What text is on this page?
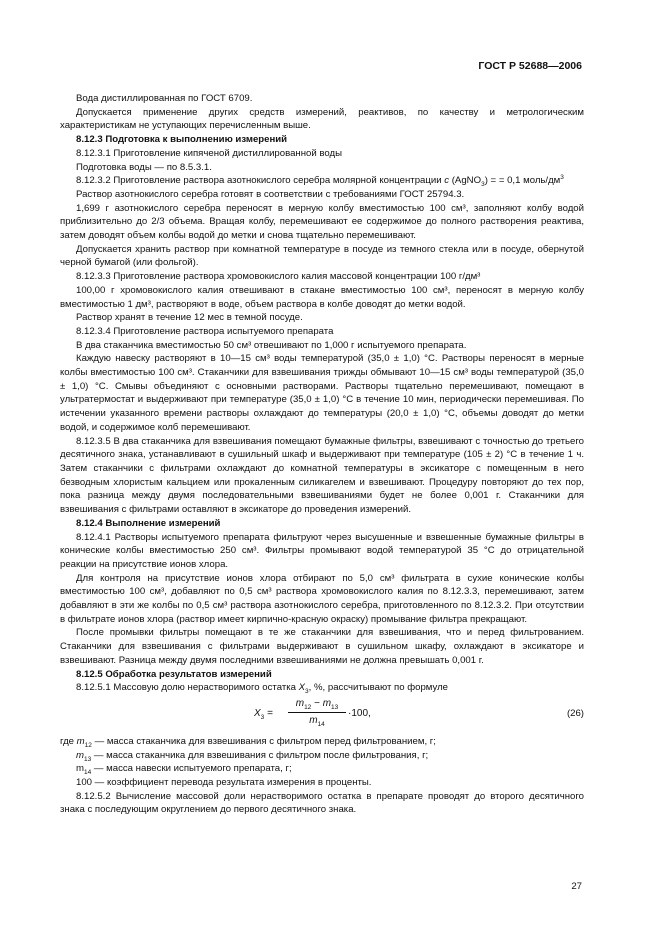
ГОСТ Р 52688—2006

Вода дистиллированная по ГОСТ 6709.

Допускается применение других средств измерений, реактивов, по качеству и метрологическим характеристикам не уступающих перечисленным выше.

8.12.3 Подготовка к выполнению измерений

8.12.3.1 Приготовление кипяченой дистиллированной воды

Подготовка воды — по 8.5.3.1.

8.12.3.2 Приготовление раствора азотнокислого серебра молярной концентрации c (AgNO$_3$) = = 0,1 моль/$дм^3$

Раствор азотнокислого серебра готовят в соответствии с требованиями ГОСТ 25794.3.

1,699 г азотнокислого серебра переносят в мерную колбу вместимостью 100 см³, заполняют колбу водой приблизительно до 2/3 объема. Вращая колбу, перемешивают ее содержимое до полного растворения реактива, затем доводят объем колбы водой до метки и снова тщательно перемешивают.

Допускается хранить раствор при комнатной температуре в посуде из темного стекла или в посуде, обернутой черной бумагой (или фольгой).

8.12.3.3 Приготовление раствора хромовокислого калия массовой концентрации 100 г/дм³

100,00 г хромовокислого калия отвешивают в стакане вместимостью 100 см³, переносят в мерную колбу вместимостью 1 дм³, растворяют в воде, объем раствора в колбе доводят до метки водой.

Раствор хранят в течение 12 мес в темной посуде.

8.12.3.4 Приготовление раствора испытуемого препарата

В два стаканчика вместимостью 50 см³ отвешивают по 1,000 г испытуемого препарата.

Каждую навеску растворяют в 10—15 см³ воды температурой (35,0 ± 1,0) °С. Растворы переносят в мерные колбы вместимостью 100 см³. Стаканчики для взвешивания трижды обмывают 10—15 см³ воды температурой (35,0 ± 1,0) °С. Смывы объединяют с основными растворами. Растворы тщательно перемешивают, помещают в ультратермостат и выдерживают при температуре (35,0 ± 1,0) °С в течение 10 мин, периодически перемешивая. По истечении указанного времени растворы охлаждают до температуры (20,0 ± 1,0) °С, объемы доводят до метки водой, и содержимое колб перемешивают.

8.12.3.5 В два стаканчика для взвешивания помещают бумажные фильтры, взвешивают с точностью до третьего десятичного знака, устанавливают в сушильный шкаф и выдерживают при температуре (105 ± 2) °С в течение 1 ч. Затем стаканчики с фильтрами охлаждают до комнатной температуры в эксикаторе с помещенным в него безводным хлористым кальцием или прокаленным силикагелем и взвешивают. Процедуру повторяют до тех пор, пока разница между двумя последовательными взвешиваниями будет не более 0,001 г. Стаканчики для взвешивания с фильтрами оставляют в эксикаторе до проведения измерений.

8.12.4 Выполнение измерений

8.12.4.1 Растворы испытуемого препарата фильтруют через высушенные и взвешенные бумажные фильтры в конические колбы вместимостью 250 см³. Фильтры промывают водой температурой 35 °С до отрицательной реакции на присутствие ионов хлора.

Для контроля на присутствие ионов хлора отбирают по 5,0 см³ фильтрата в сухие конические колбы вместимостью 100 см³, добавляют по 0,5 см³ раствора хромовокислого калия по 8.12.3.3, перемешивают, затем добавляют в эти же колбы по 0,5 см³ раствора азотнокислого серебра, приготовленного по 8.12.3.2. При отсутствии в фильтрате ионов хлора (раствор имеет кирпично-красную окраску) промывание фильтра прекращают.

После промывки фильтры помещают в те же стаканчики для взвешивания, что и перед фильтрованием. Стаканчики для взвешивания с фильтрами выдерживают в сушильном шкафу, охлаждают в эксикаторе и взвешивают. Разница между двумя последними взвешиваниями не должна превышать 0,001 г.

8.12.5 Обработка результатов измерений

8.12.5.1 Массовую долю нерастворимого остатка $X_3$, %, рассчитывают по формуле

$X_3 = \frac{m_{12} - m_{13}}{m_{14}} \cdot 100$,	(26)

где $m_{12}$ — масса стаканчика для взвешивания с фильтром перед фильтрованием, г;

$m_{13}$ — масса стаканчика для взвешивания с фильтром после фильтрования, г;

$m_{14}$ — масса навески испытуемого препарата, г;

100 — коэффициент перевода результата измерения в проценты.

8.12.5.2 Вычисление массовой доли нерастворимого остатка в препарате проводят до второго десятичного знака с последующим округлением до первого десятичного знака.

27
